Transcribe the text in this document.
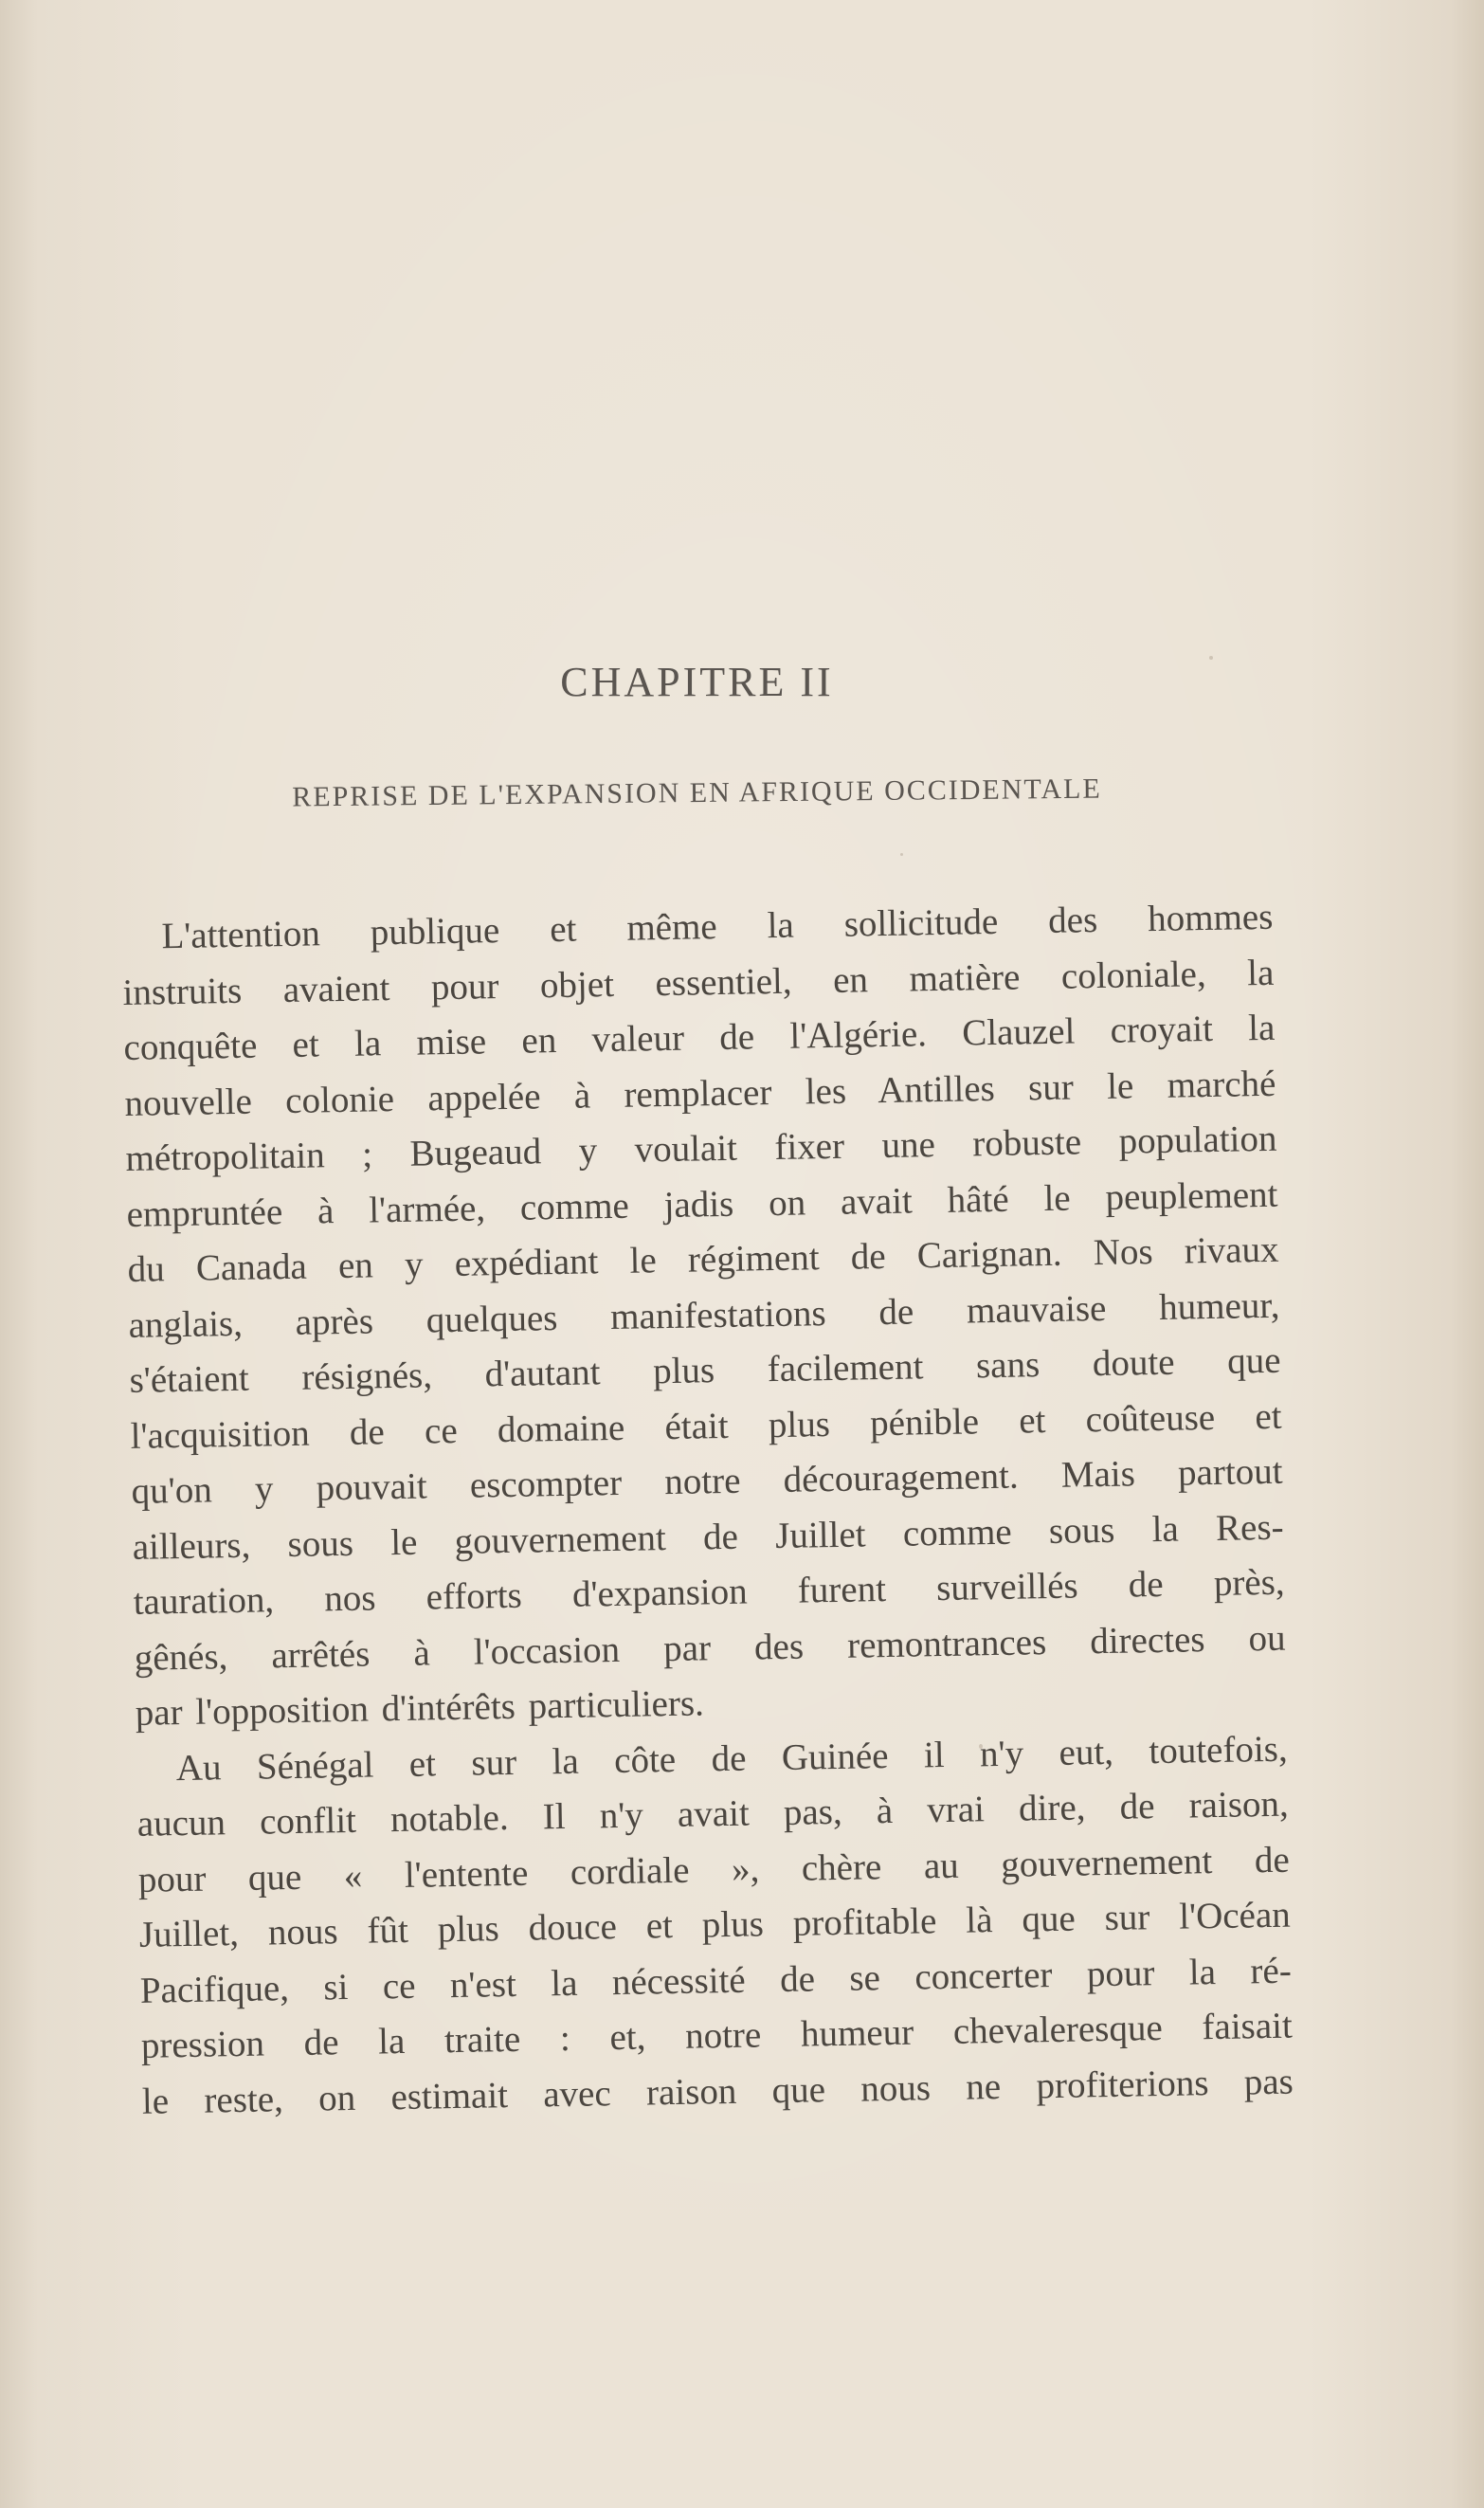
CHAPITRE II
REPRISE DE L'EXPANSION EN AFRIQUE OCCIDENTALE
L'attention publique et même la sollicitude des hommes
instruits avaient pour objet essentiel, en matière coloniale, la
conquête et la mise en valeur de l'Algérie. Clauzel croyait la
nouvelle colonie appelée à remplacer les Antilles sur le marché
métropolitain ; Bugeaud y voulait fixer une robuste population
empruntée à l'armée, comme jadis on avait hâté le peuplement
du Canada en y expédiant le régiment de Carignan. Nos rivaux
anglais, après quelques manifestations de mauvaise humeur,
s'étaient résignés, d'autant plus facilement sans doute que
l'acquisition de ce domaine était plus pénible et coûteuse et
qu'on y pouvait escompter notre découragement. Mais partout
ailleurs, sous le gouvernement de Juillet comme sous la Res-
tauration, nos efforts d'expansion furent surveillés de près,
gênés, arrêtés à l'occasion par des remontrances directes ou
par l'opposition d'intérêts particuliers.
Au Sénégal et sur la côte de Guinée il n'y eut, toutefois,
aucun conflit notable. Il n'y avait pas, à vrai dire, de raison,
pour que « l'entente cordiale », chère au gouvernement de
Juillet, nous fût plus douce et plus profitable là que sur l'Océan
Pacifique, si ce n'est la nécessité de se concerter pour la ré-
pression de la traite : et, notre humeur chevaleresque faisait
le reste, on estimait avec raison que nous ne profiterions pas
